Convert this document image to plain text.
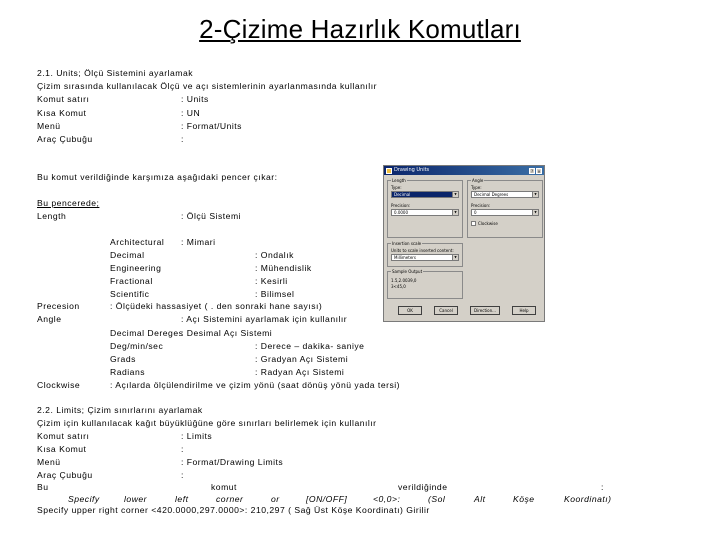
2-Çizime Hazırlık Komutları
2.1. Units; Ölçü Sistemini ayarlamak
Çizim sırasında kullanılacak Ölçü ve açı sistemlerinin ayarlanmasında kullanılır
Komut satırı	: Units
Kısa Komut	: UN
Menü	: Format/Units
Araç Çubuğu	:
Bu komut verildiğinde karşımıza aşağıdaki pencer çıkar:
Bu pencerede;
Length	: Ölçü Sistemi
Architectural : Mimari
Decimal	: Ondalık
Engineering	: Mühendislik
Fractional	: Kesirli
Scientific	: Bilimsel
Precesion	: Ölçüdeki hassasiyet ( . den sonraki hane sayısı)
Angle	: Açı Sistemini ayarlamak için kullanılır
Decimal Dereges
: Desimal Açı Sistemi
Deg/min/sec	: Derece – dakika- saniye
Grads	: Gradyan Açı Sistemi
Radians	: Radyan Açı Sistemi
Clockwise	: Açılarda ölçülendirilme ve çizim yönü (saat dönüş yönü yada tersi)
2.2. Limits; Çizim sınırlarını ayarlamak
Çizim için kullanılacak kağıt büyüklüğüne göre sınırları belirlemek için kullanılır
Komut satırı	: Limits
Kısa Komut	:
Menü	: Format/Drawing Limits
Araç Çubuğu	:
Bu	komut	verildiğinde	:
Specify	lower	left	corner	or	[ON/OFF]	<0,0>:	(Sol	Alt	Köşe	Koordinatı)
Specify upper right corner <420.0000,297.0000>: 210,297 ( Sağ Üst Köşe Koordinatı) Girilir
Drawing Units	?	×
Length
Type:
Decimal	▼
Precision:
0.0000	▼
Angle
Type:
Decimal Degrees	▼
Precision:
0	▼
Clockwise
Insertion scale
Units to scale inserted content:
Millimeters	▼
Sample Output
1.5,2.0039,0
3<45,0
OK	Cancel	Direction...	Help
